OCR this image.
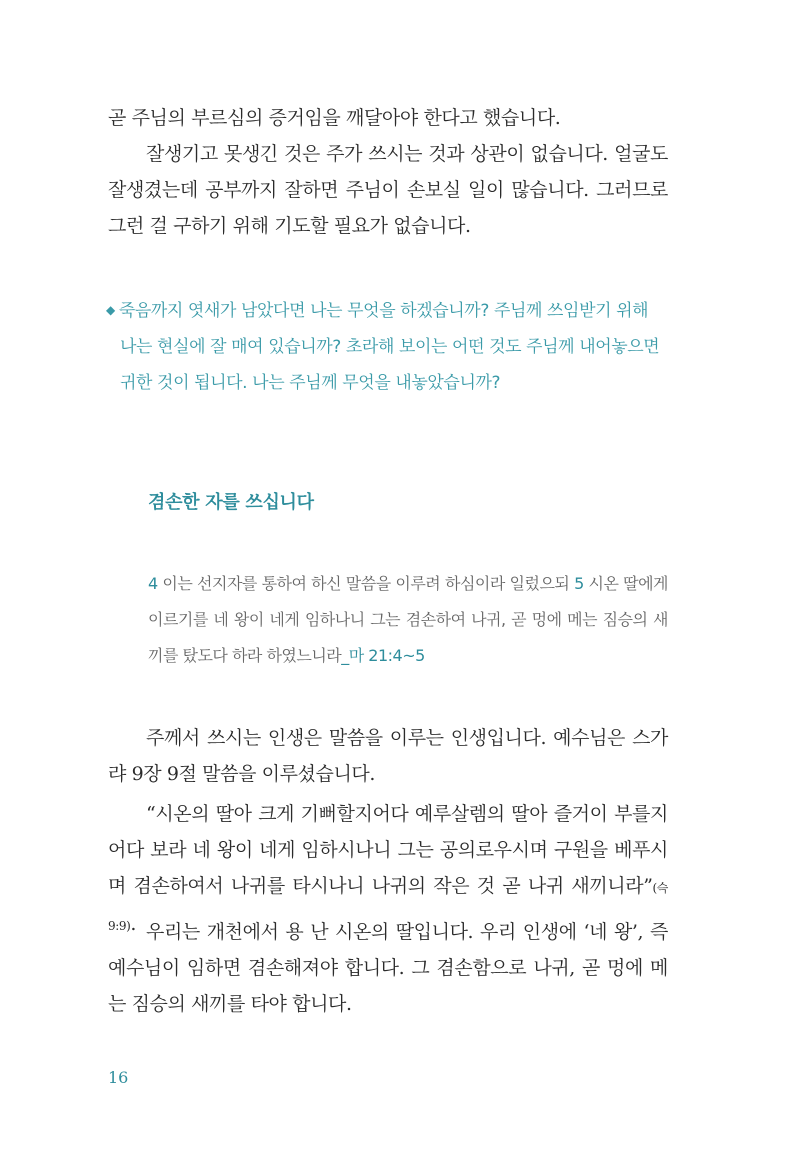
곧 주님의 부르심의 증거임을 깨달아야 한다고 했습니다.

잘생기고 못생긴 것은 주가 쓰시는 것과 상관이 없습니다. 얼굴도 잘생겼는데 공부까지 잘하면 주님이 손보실 일이 많습니다. 그러므로 그런 걸 구하기 위해 기도할 필요가 없습니다.

◆ 죽음까지 엿새가 남았다면 나는 무엇을 하겠습니까? 주님께 쓰임받기 위해
나는 현실에 잘 매여 있습니까? 초라해 보이는 어떤 것도 주님께 내어놓으면 귀한 것이 됩니다. 나는 주님께 무엇을 내놓았습니까?
겸손한 자를 쓰십니다

4 이는 선지자를 통하여 하신 말씀을 이루려 하심이라 일렀으되 5 시온 딸에게 이르기를 네 왕이 네게 임하나니 그는 겸손하여 나귀, 곧 멍에 메는 짐승의 새끼를 탔도다 하라 하였느니라_마 21:4~5

주께서 쓰시는 인생은 말씀을 이루는 인생입니다. 예수님은 스가랴 9장 9절 말씀을 이루셨습니다.

“시온의 딸아 크게 기뻐할지어다 예루살렘의 딸아 즐거이 부를지어다 보라 네 왕이 네게 임하시나니 그는 공의로우시며 구원을 베푸시며 겸손하여서 나귀를 타시나니 나귀의 작은 것 곧 나귀 새끼니라”(슥 9:9). 우리는 개천에서 용 난 시온의 딸입니다. 우리 인생에 ‘네 왕’, 즉 예수님이 임하면 겸손해져야 합니다. 그 겸손함으로 나귀, 곧 멍에 메는 짐승의 새끼를 타야 합니다.

16
